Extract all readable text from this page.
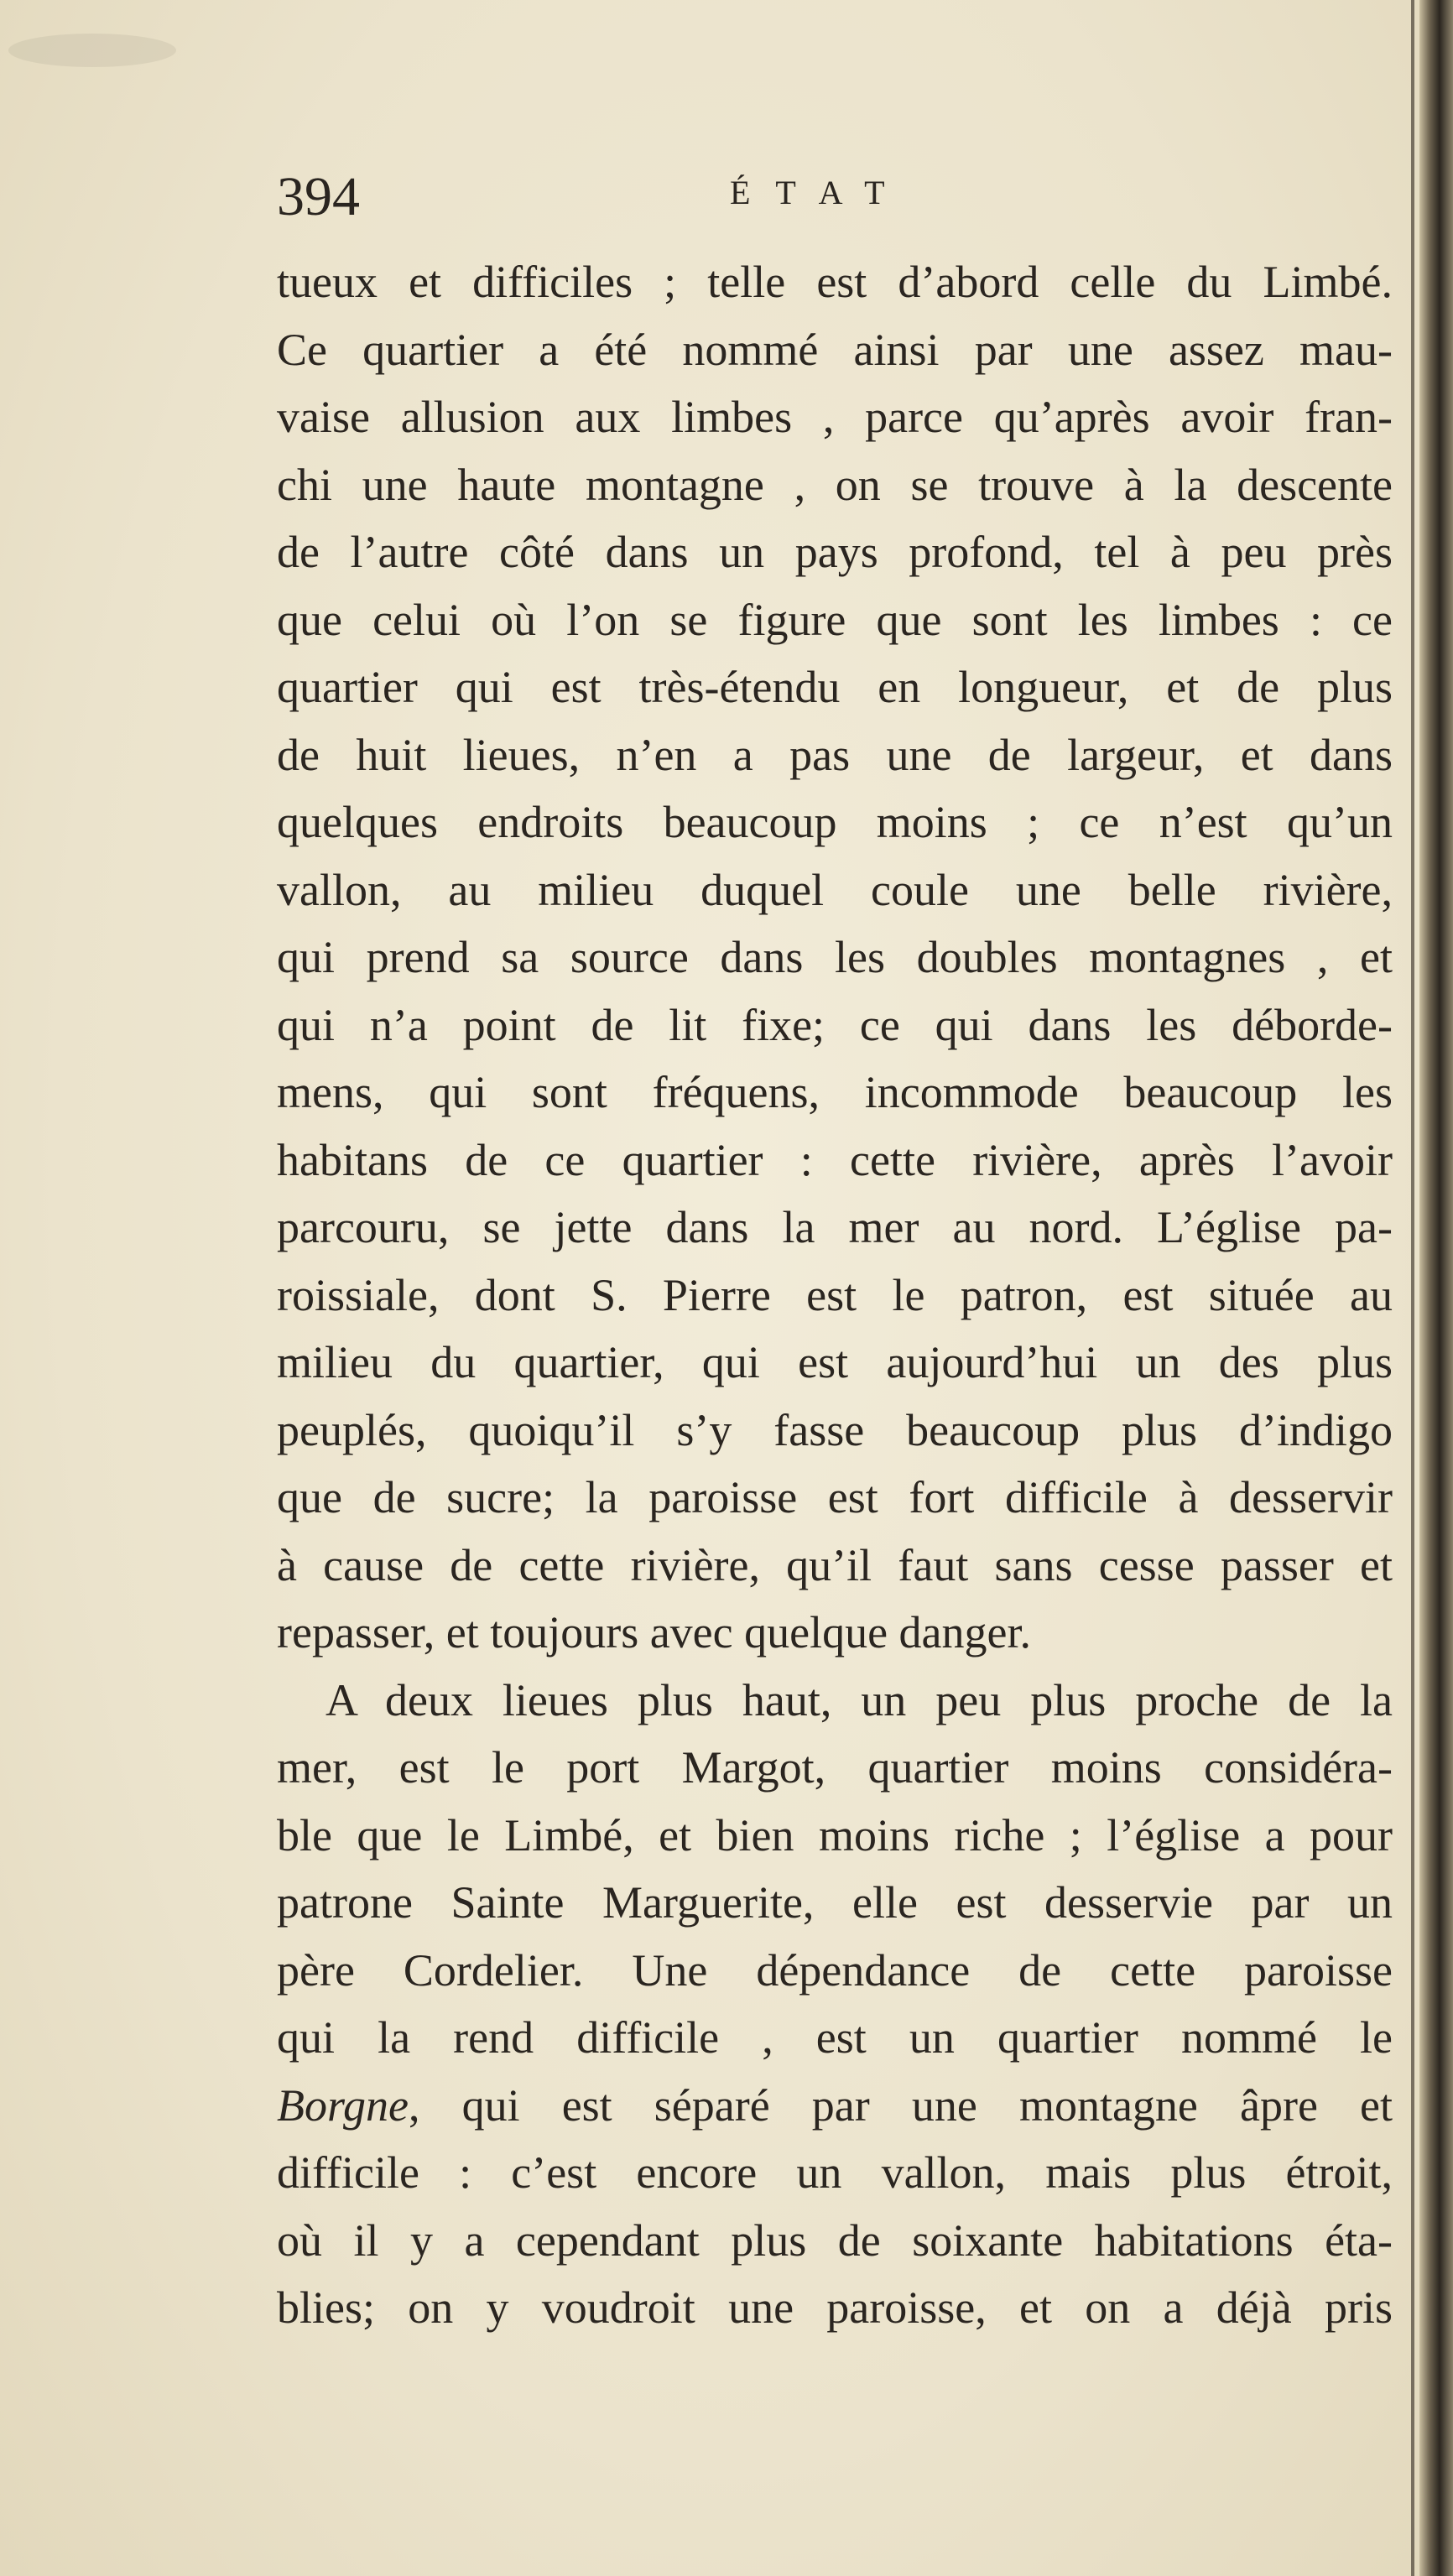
394	ÉTAT
tueux et difficiles ; telle est d’abord celle du Limbé.
Ce quartier a été nommé ainsi par une assez mau-
vaise allusion aux limbes , parce qu’après avoir fran-
chi une haute montagne , on se trouve à la descente
de l’autre côté dans un pays profond, tel à peu près
que celui où l’on se figure que sont les limbes : ce
quartier qui est très-étendu en longueur, et de plus
de huit lieues, n’en a pas une de largeur, et dans
quelques endroits beaucoup moins ; ce n’est qu’un
vallon, au milieu duquel coule une belle rivière,
qui prend sa source dans les doubles montagnes , et
qui n’a point de lit fixe; ce qui dans les déborde-
mens, qui sont fréquens, incommode beaucoup les
habitans de ce quartier : cette rivière, après l’avoir
parcouru, se jette dans la mer au nord. L’église pa-
roissiale, dont S. Pierre est le patron, est située au
milieu du quartier, qui est aujourd’hui un des plus
peuplés, quoiqu’il s’y fasse beaucoup plus d’indigo
que de sucre; la paroisse est fort difficile à desservir
à cause de cette rivière, qu’il faut sans cesse passer et
repasser, et toujours avec quelque danger.
A deux lieues plus haut, un peu plus proche de la
mer, est le port Margot, quartier moins considéra-
ble que le Limbé, et bien moins riche ; l’église a pour
patrone Sainte Marguerite, elle est desservie par un
père Cordelier. Une dépendance de cette paroisse
qui la rend difficile , est un quartier nommé le
Borgne, qui est séparé par une montagne âpre et
difficile : c’est encore un vallon, mais plus étroit,
où il y a cependant plus de soixante habitations éta-
blies; on y voudroit une paroisse, et on a déjà pris
